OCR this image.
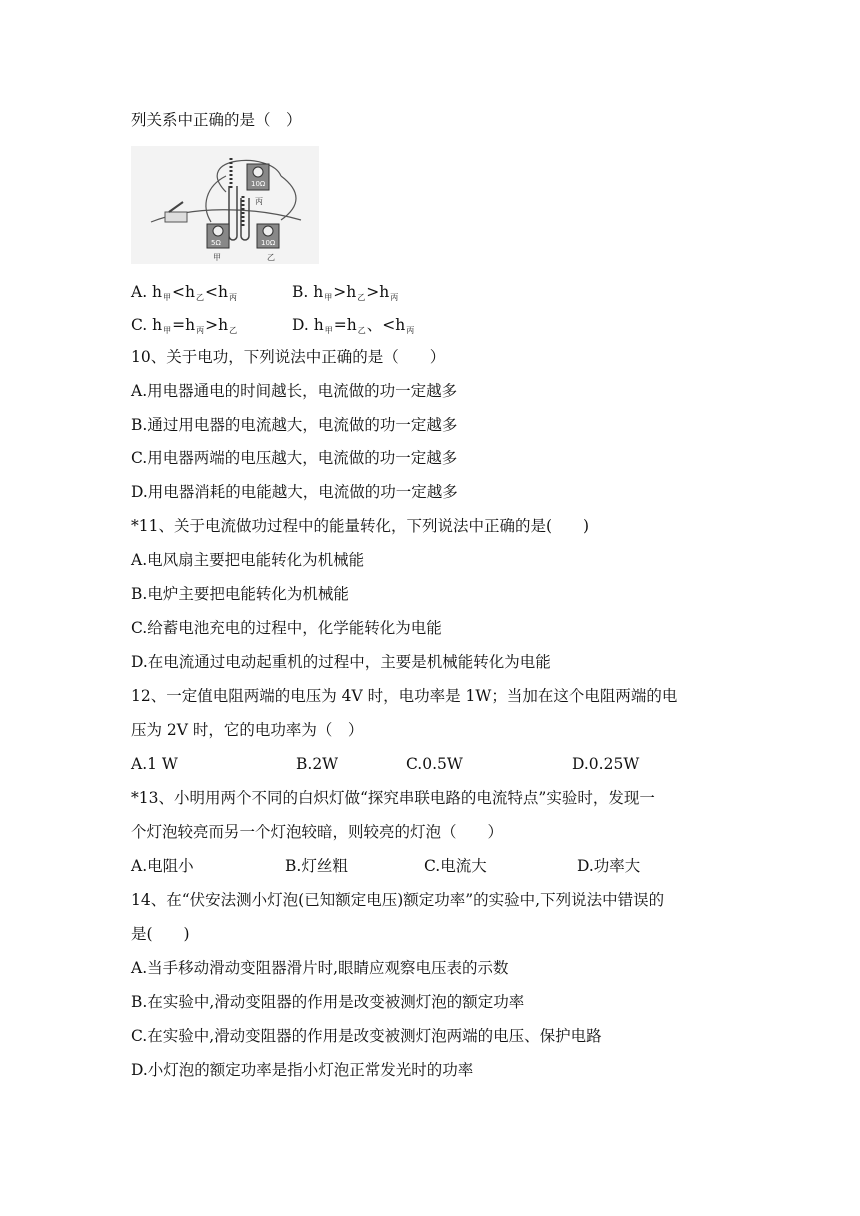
列关系中正确的是（　）
5Ω
10Ω
10Ω
丙
甲	乙
A. $h_甲<h_乙<h_丙$	B. $h_甲>h_乙>h_丙$
C. $h_甲=h_丙>h_乙$	D. $h_甲=h_乙$、$<h_丙$
10、关于电功，下列说法中正确的是（　　）
A.用电器通电的时间越长，电流做的功一定越多
B.通过用电器的电流越大，电流做的功一定越多
C.用电器两端的电压越大，电流做的功一定越多
D.用电器消耗的电能越大，电流做的功一定越多
*11、关于电流做功过程中的能量转化，下列说法中正确的是(　　)
A.电风扇主要把电能转化为机械能
B.电炉主要把电能转化为机械能
C.给蓄电池充电的过程中，化学能转化为电能
D.在电流通过电动起重机的过程中，主要是机械能转化为电能
12、一定值电阻两端的电压为 4V 时，电功率是 1W；当加在这个电阻两端的电
压为 2V 时，它的电功率为（　）
A.1 W	B.2W	C.0.5W	D.0.25W
*13、小明用两个不同的白炽灯做“探究串联电路的电流特点”实验时，发现一
个灯泡较亮而另一个灯泡较暗，则较亮的灯泡（　　）
A.电阻小	B.灯丝粗	C.电流大	D.功率大
14、在“伏安法测小灯泡(已知额定电压)额定功率”的实验中,下列说法中错误的
是(　　)
A.当手移动滑动变阻器滑片时,眼睛应观察电压表的示数
B.在实验中,滑动变阻器的作用是改变被测灯泡的额定功率
C.在实验中,滑动变阻器的作用是改变被测灯泡两端的电压、保护电路
D.小灯泡的额定功率是指小灯泡正常发光时的功率
